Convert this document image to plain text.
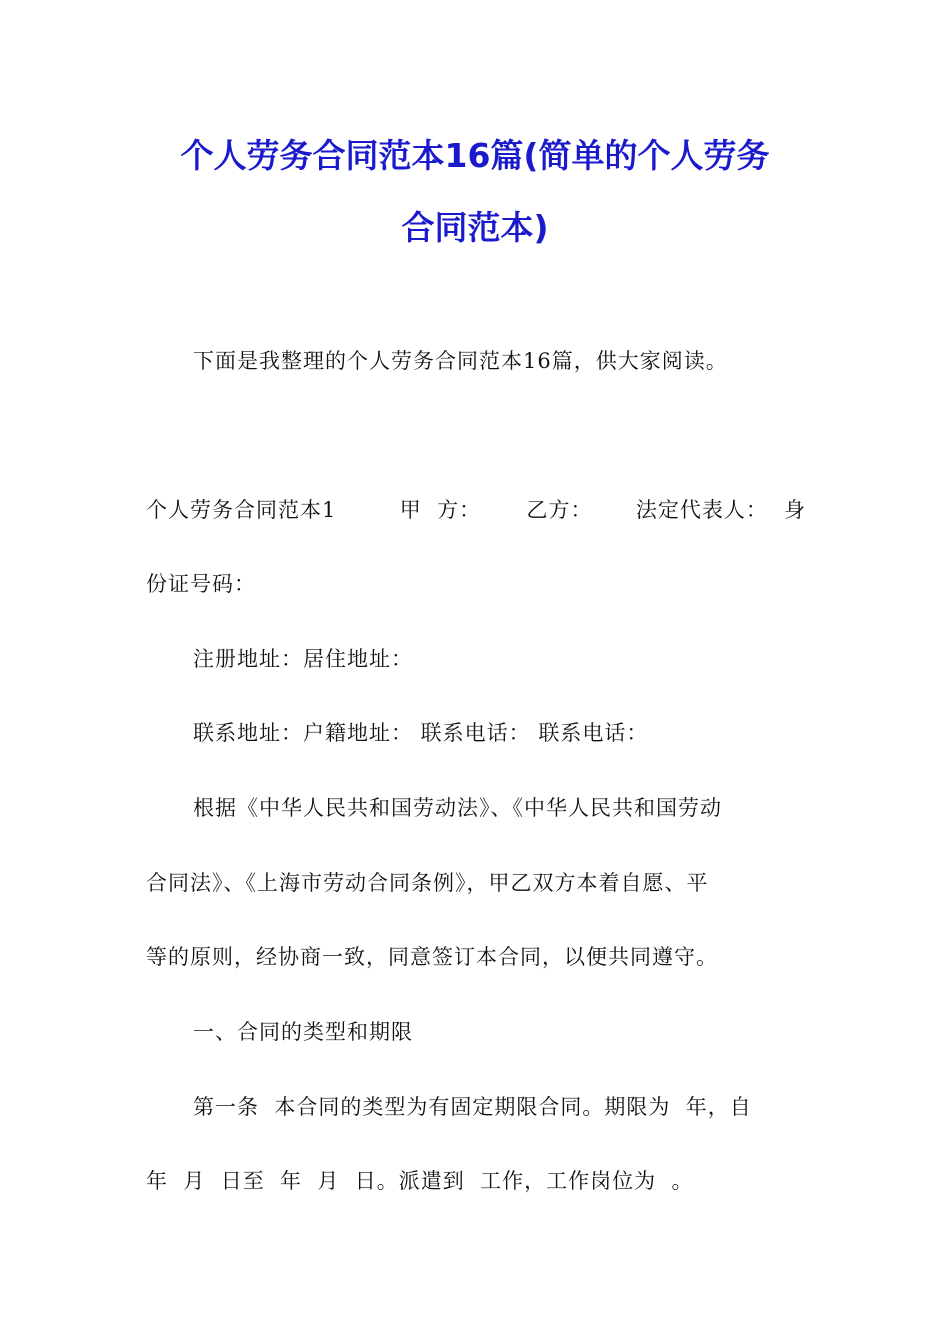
个人劳务合同范本16篇(简单的个人劳务
合同范本)

下面是我整理的个人劳务合同范本16篇，供大家阅读。

个人劳务合同范本1	甲  方： 乙方： 法定代表人： 身

份证号码：

注册地址：居住地址：

联系地址：户籍地址： 联系电话： 联系电话：

根据《中华人民共和国劳动法》、《中华人民共和国劳动

合同法》、《上海市劳动合同条例》，甲乙双方本着自愿、平

等的原则，经协商一致，同意签订本合同，以便共同遵守。

一、合同的类型和期限

第一条  本合同的类型为有固定期限合同。期限为  年，自

年  月  日至  年  月  日。派遣到  工作，工作岗位为  。
